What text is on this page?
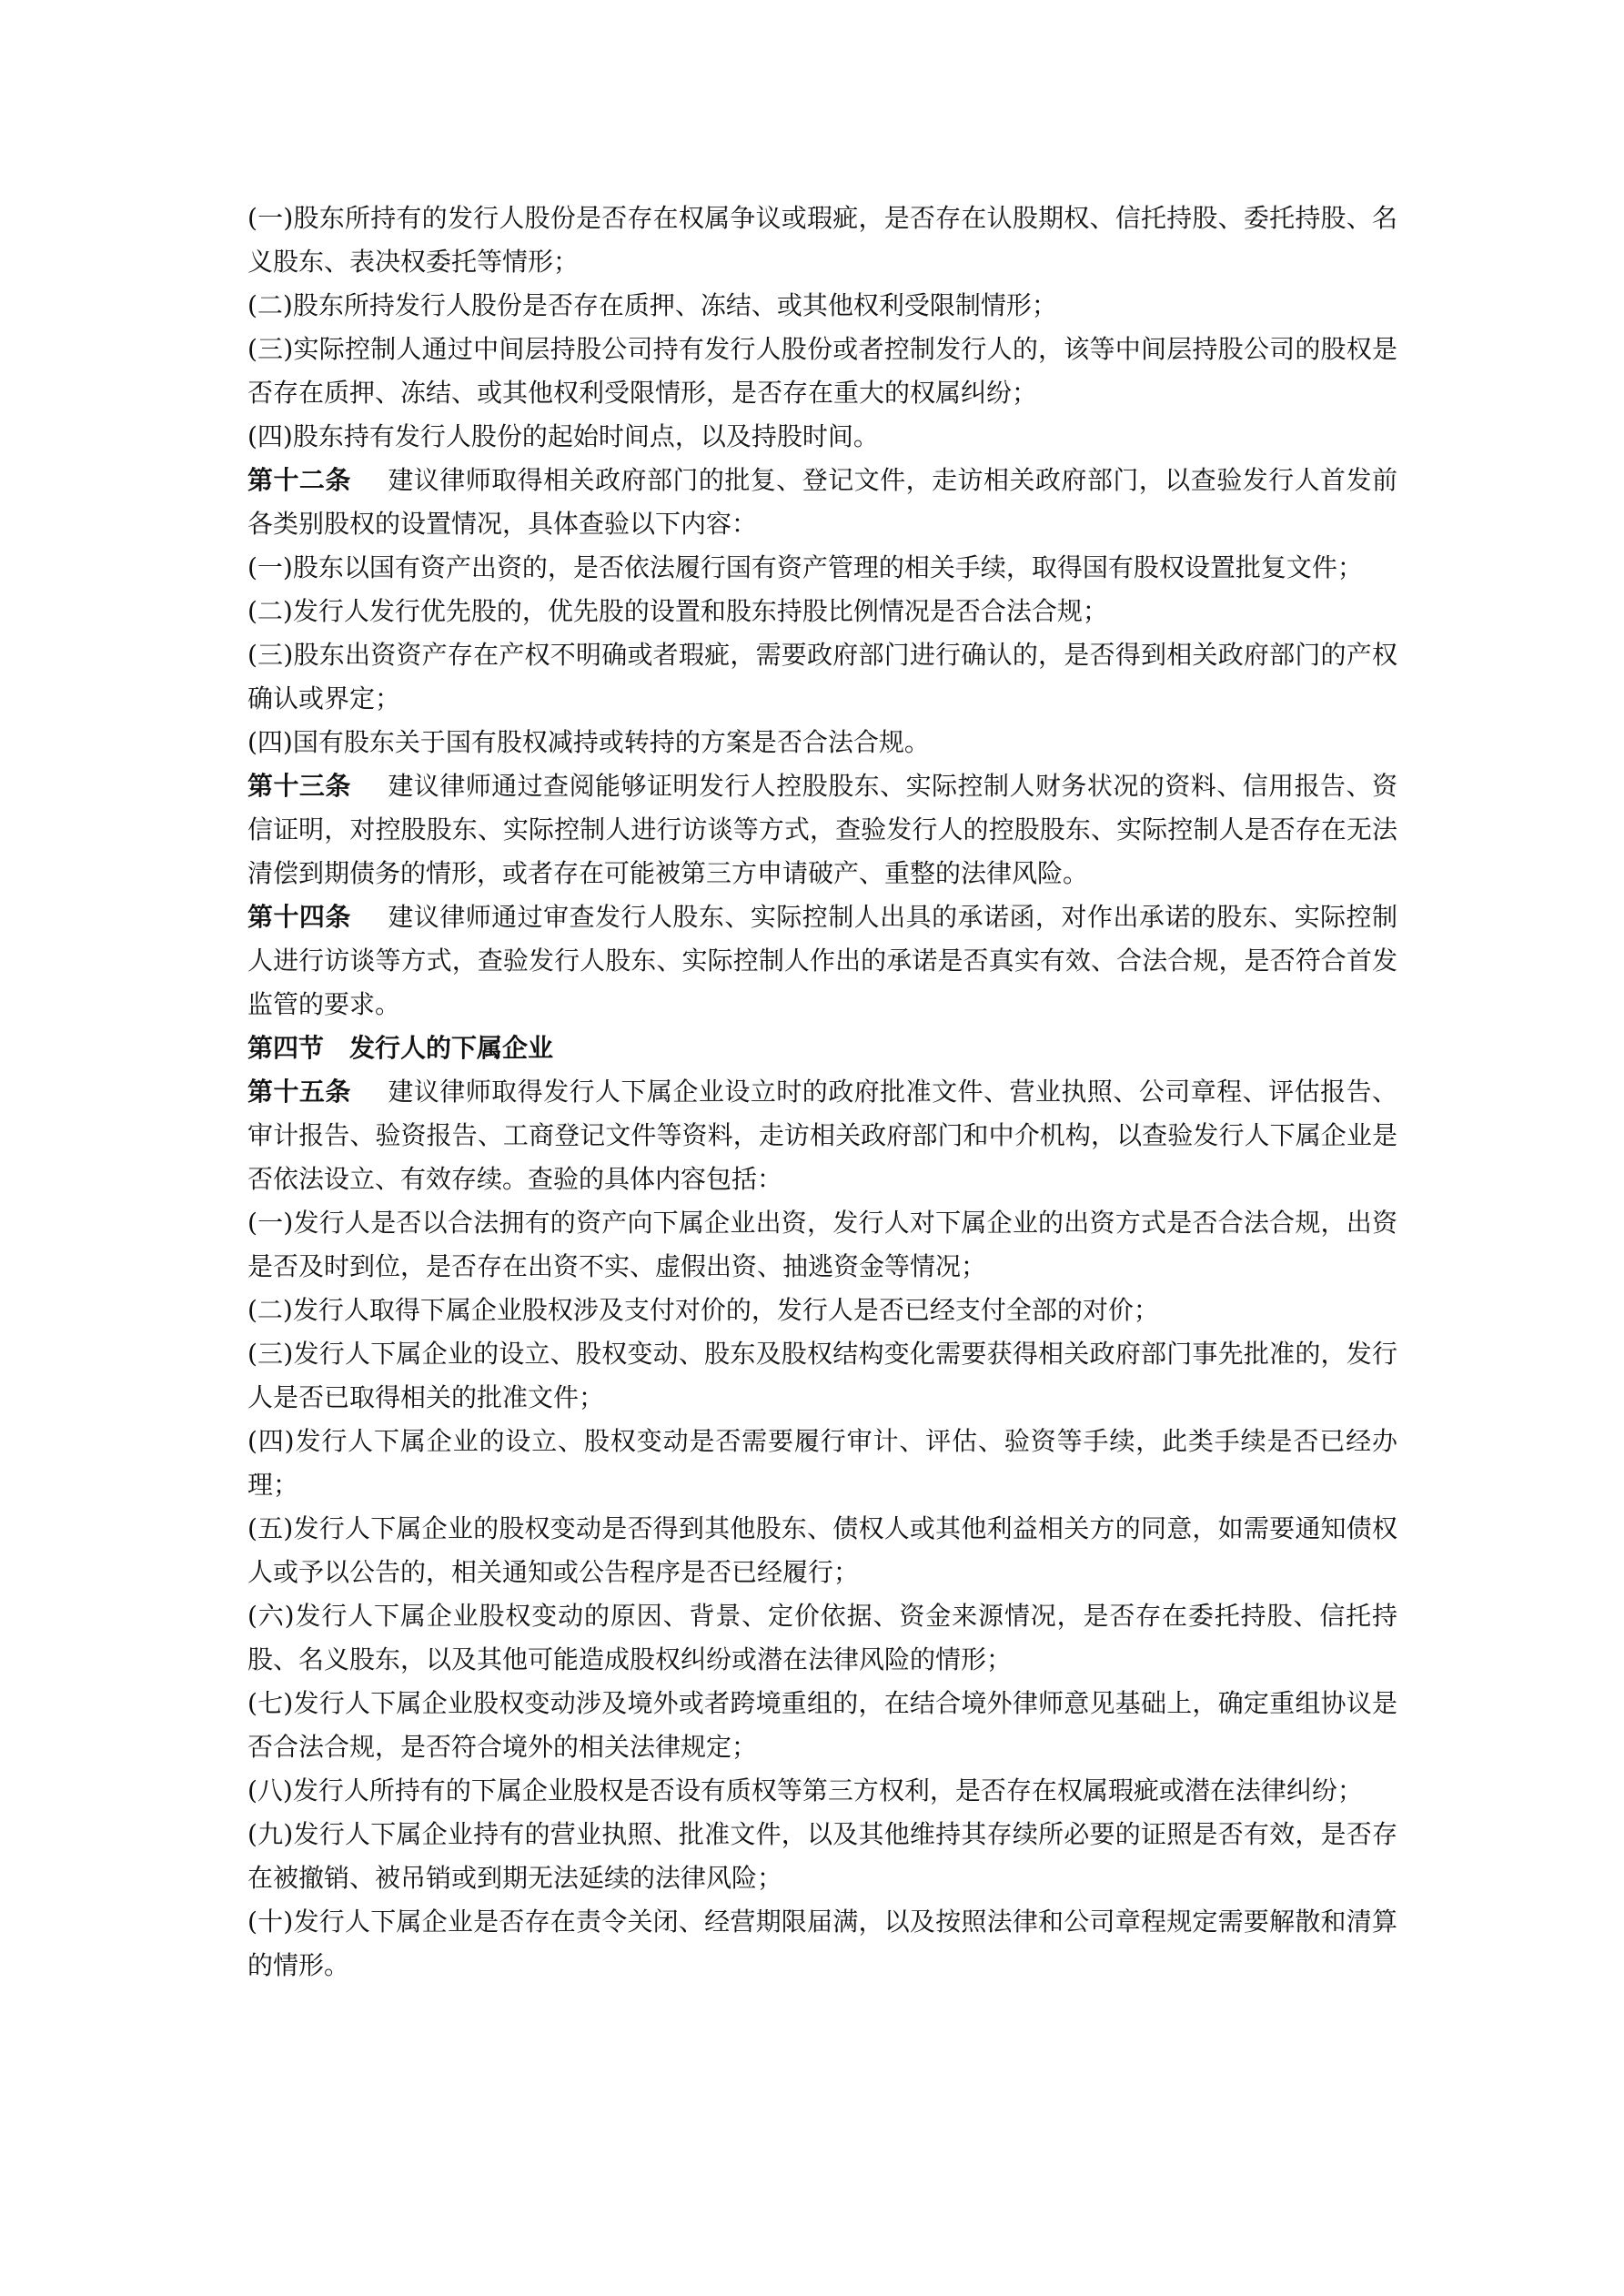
(一)股东所持有的发行人股份是否存在权属争议或瑕疵，是否存在认股期权、信托持股、委托持股、名义股东、表决权委托等情形；

(二)股东所持发行人股份是否存在质押、冻结、或其他权利受限制情形；

(三)实际控制人通过中间层持股公司持有发行人股份或者控制发行人的，该等中间层持股公司的股权是否存在质押、冻结、或其他权利受限情形，是否存在重大的权属纠纷；

(四)股东持有发行人股份的起始时间点，以及持股时间。

第十二条 建议律师取得相关政府部门的批复、登记文件，走访相关政府部门，以查验发行人首发前各类别股权的设置情况，具体查验以下内容：

(一)股东以国有资产出资的，是否依法履行国有资产管理的相关手续，取得国有股权设置批复文件；

(二)发行人发行优先股的，优先股的设置和股东持股比例情况是否合法合规；

(三)股东出资资产存在产权不明确或者瑕疵，需要政府部门进行确认的，是否得到相关政府部门的产权确认或界定；

(四)国有股东关于国有股权减持或转持的方案是否合法合规。

第十三条 建议律师通过查阅能够证明发行人控股股东、实际控制人财务状况的资料、信用报告、资信证明，对控股股东、实际控制人进行访谈等方式，查验发行人的控股股东、实际控制人是否存在无法清偿到期债务的情形，或者存在可能被第三方申请破产、重整的法律风险。

第十四条 建议律师通过审查发行人股东、实际控制人出具的承诺函，对作出承诺的股东、实际控制人进行访谈等方式，查验发行人股东、实际控制人作出的承诺是否真实有效、合法合规，是否符合首发监管的要求。

第四节 发行人的下属企业

第十五条 建议律师取得发行人下属企业设立时的政府批准文件、营业执照、公司章程、评估报告、审计报告、验资报告、工商登记文件等资料，走访相关政府部门和中介机构，以查验发行人下属企业是否依法设立、有效存续。查验的具体内容包括：

(一)发行人是否以合法拥有的资产向下属企业出资，发行人对下属企业的出资方式是否合法合规，出资是否及时到位，是否存在出资不实、虚假出资、抽逃资金等情况；

(二)发行人取得下属企业股权涉及支付对价的，发行人是否已经支付全部的对价；

(三)发行人下属企业的设立、股权变动、股东及股权结构变化需要获得相关政府部门事先批准的，发行人是否已取得相关的批准文件；

(四)发行人下属企业的设立、股权变动是否需要履行审计、评估、验资等手续，此类手续是否已经办理；

(五)发行人下属企业的股权变动是否得到其他股东、债权人或其他利益相关方的同意，如需要通知债权人或予以公告的，相关通知或公告程序是否已经履行；

(六)发行人下属企业股权变动的原因、背景、定价依据、资金来源情况，是否存在委托持股、信托持股、名义股东，以及其他可能造成股权纠纷或潜在法律风险的情形；

(七)发行人下属企业股权变动涉及境外或者跨境重组的，在结合境外律师意见基础上，确定重组协议是否合法合规，是否符合境外的相关法律规定；

(八)发行人所持有的下属企业股权是否设有质权等第三方权利，是否存在权属瑕疵或潜在法律纠纷；

(九)发行人下属企业持有的营业执照、批准文件，以及其他维持其存续所必要的证照是否有效，是否存在被撤销、被吊销或到期无法延续的法律风险；

(十)发行人下属企业是否存在责令关闭、经营期限届满，以及按照法律和公司章程规定需要解散和清算的情形。
